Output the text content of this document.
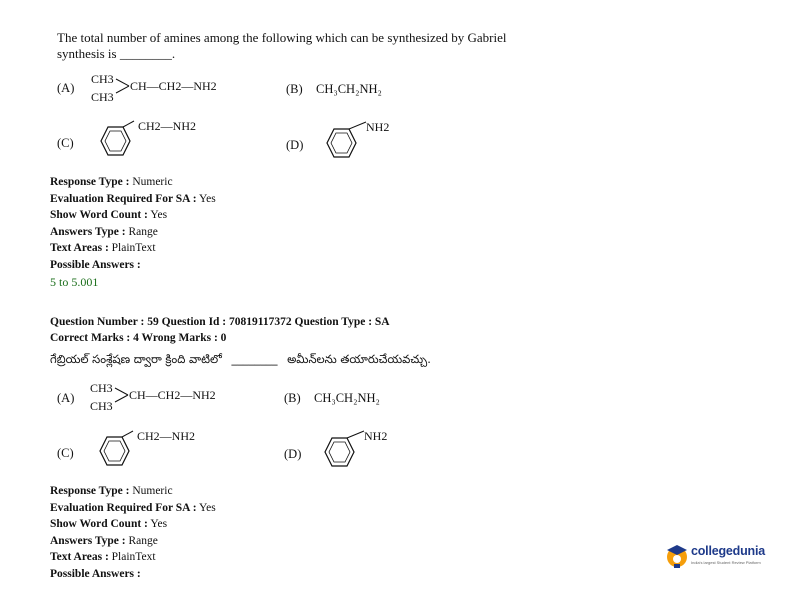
The total number of amines among the following which can be synthesized by Gabriel
synthesis is ________.
(A)
CH3
CH3
CH—CH2—NH2	(B) CH₃CH₂NH₂
(C)
CH2—NH2
(D)
NH2
Response Type : Numeric
Evaluation Required For SA : Yes
Show Word Count : Yes
Answers Type : Range
Text Areas : PlainText
Possible Answers :
5 to 5.001
Question Number : 59 Question Id : 70819117372 Question Type : SA
Correct Marks : 4 Wrong Marks : 0
గేబ్రియల్ సంశ్లేషణ ద్వారా క్రింది వాటిలో ________ అమీన్‌లను తయారుచేయవచ్చు.
(A)
CH3
CH3
CH—CH2—NH2	(B) CH₃CH₂NH₂
(C)
CH2—NH2
(D)
NH2
Response Type : Numeric
Evaluation Required For SA : Yes
Show Word Count : Yes
Answers Type : Range
Text Areas : PlainText
Possible Answers :
collegedunia
India's largest Student Review Platform
